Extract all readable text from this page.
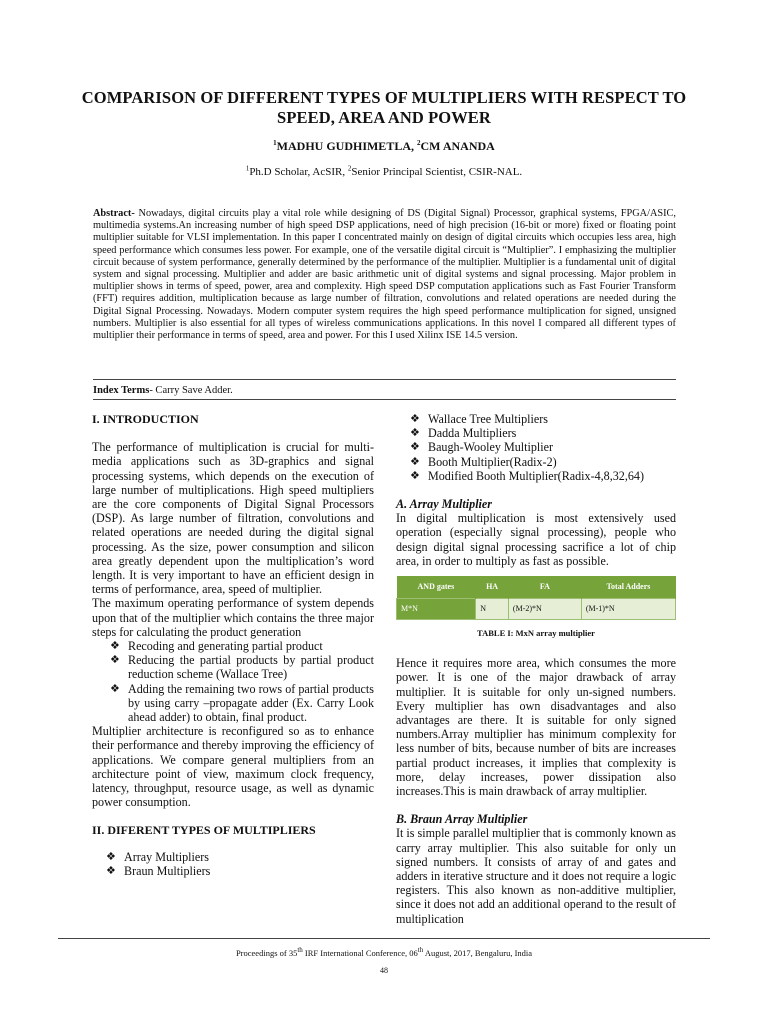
COMPARISON OF DIFFERENT TYPES OF MULTIPLIERS WITH RESPECT TO SPEED, AREA AND POWER
$^1$MADHU GUDHIMETLA, $^2$CM ANANDA
$^1$Ph.D Scholar, AcSIR, $^2$Senior Principal Scientist, CSIR-NAL.

Abstract- Nowadays, digital circuits play a vital role while designing of DS (Digital Signal) Processor, graphical systems, FPGA/ASIC, multimedia systems.An increasing number of high speed DSP applications, need of high precision (16-bit or more) fixed or floating point multiplier suitable for VLSI implementation. In this paper I concentrated mainly on design of digital circuits which occupies less area, high speed performance which consumes less power. For example, one of the versatile digital circuit is “Multiplier”. I emphasizing the multiplier circuit because of system performance, generally determined by the performance of the multiplier. Multiplier is a fundamental unit of digital system and signal processing. Multiplier and adder are basic arithmetic unit of digital systems and signal processing. Major problem in multiplier shows in terms of speed, power, area and complexity. High speed DSP computation applications such as Fast Fourier Transform (FFT) requires addition, multiplication because as large number of filtration, convolutions and related operations are needed during the Digital Signal Processing. Nowadays. Modern computer system requires the high speed performance multiplication for signed, unsigned numbers. Multiplier is also essential for all types of wireless communications applications. In this novel I compared all different types of multiplier their performance in terms of speed, area and power. For this I used Xilinx ISE 14.5 version.

Index Terms- Carry Save Adder.
I. INTRODUCTION

The performance of multiplication is crucial for multi-media applications such as 3D-graphics and signal processing systems, which depends on the execution of large number of multiplications. High speed multipliers are the core components of Digital Signal Processors (DSP). As large number of filtration, convolutions and related operations are needed during the digital signal processing. As the size, power consumption and silicon area greatly dependent upon the multiplication’s word length. It is very important to have an efficient design in terms of performance, area, speed of multiplier.

The maximum operating performance of system depends upon that of the multiplier which contains the three major steps for calculating the product generation

❖ Recoding and generating partial product
❖ Reducing the partial products by partial product reduction scheme (Wallace Tree)
❖ Adding the remaining two rows of partial products by using carry –propagate adder (Ex. Carry Look ahead adder) to obtain, final product.

Multiplier architecture is reconfigured so as to enhance their performance and thereby improving the efficiency of applications. We compare general multipliers from an architecture point of view, maximum clock frequency, latency, throughput, resource usage, as well as dynamic power consumption.

II. DIFERENT TYPES OF MULTIPLIERS
❖ Array Multipliers
❖ Braun Multipliers
❖ Wallace Tree Multipliers
❖ Dadda Multipliers
❖ Baugh-Wooley Multiplier
❖ Booth Multiplier(Radix-2)
❖ Modified Booth Multiplier(Radix-4,8,32,64)
A. Array Multiplier

In digital multiplication is most extensively used operation (especially signal processing), people who design digital signal processing sacrifice a lot of chip area, in order to multiply as fast as possible.

AND gates	HA	FA	Total Adders
M*N	N	(M-2)*N	(M-1)*N
TABLE I: MxN array multiplier

Hence it requires more area, which consumes the more power. It is one of the major drawback of array multiplier. It is suitable for only un-signed numbers. Every multiplier has own disadvantages and also advantages are there. It is suitable for only signed numbers.Array multiplier has minimum complexity for less number of bits, because number of bits are increases partial product increases, it implies that complexity is more, delay increases, power dissipation also increases.This is main drawback of array multiplier.

B. Braun Array Multiplier

It is simple parallel multiplier that is commonly known as carry array multiplier. This also suitable for only un signed numbers. It consists of array of and gates and adders in iterative structure and it does not require a logic registers. This also known as non-additive multiplier, since it does not add an additional operand to the result of multiplication

Proceedings of 35th IRF International Conference, 06th August, 2017, Bengaluru, India
48
